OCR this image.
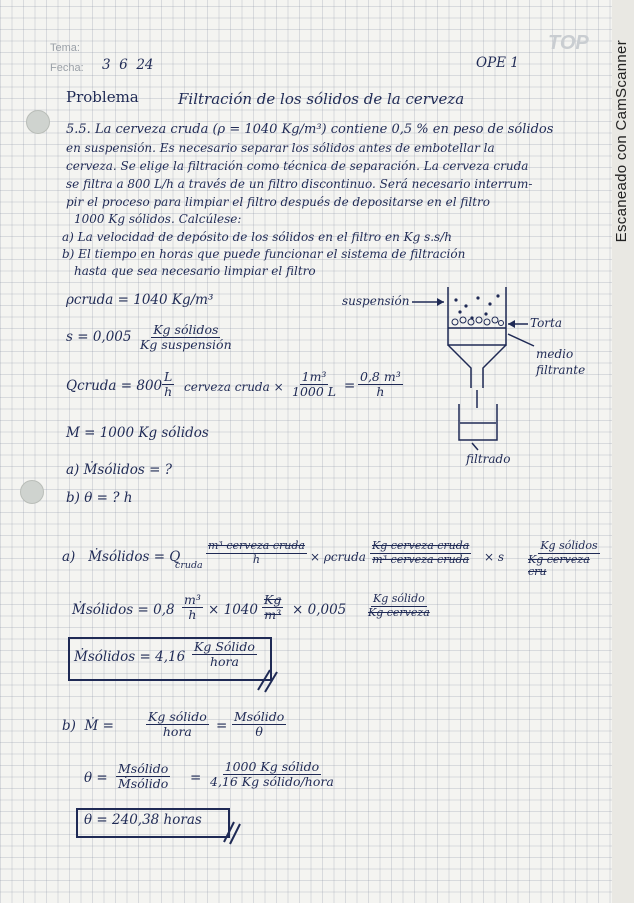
Tema:
Fecha: 3  6  24	OPE 1
TOP
Problema	Filtración de los sólidos de la cerveza
5.5. La cerveza cruda (ρ = 1040 Kg/m³) contiene 0,5 % en peso de sólidos
en suspensión. Es necesario separar los sólidos antes de embotellar la
cerveza. Se elige la filtración como técnica de separación. La cerveza cruda
se filtra a 800 L/h a través de un filtro discontinuo. Será necesario interrum-
pir el proceso para limpiar el filtro después de depositarse en el filtro
1000 Kg sólidos. Calcúlese:
a) La velocidad de depósito de los sólidos en el filtro en Kg s.s/h
b) El tiempo en horas que puede funcionar el sistema de filtración
hasta que sea necesario limpiar el filtro
ρcruda = 1040 Kg/m³
s = 0,005 Kg sólidos
Kg suspensión
Qcruda = $800 \frac{L}{h}$ cerveza cruda × $\frac{\text{1m³}}{1000 L} = \frac{\text{0,8 m³}}{h}$
M = 1000 Kg sólidos
a) Ṁsólidos = ?
b) θ = ? h
suspensión
Torta
medio
filtrante
filtrado
a)   Ṁsólidos = Q
cruda
m³ cerveza cruda
h	× ρcruda
Kg cerveza cruda
m³ cerveza cruda × s
Kg sólidos
Kg cerveza cru
Ṁsólidos = $0,8 \frac{\text{m³}}{h} \times 1040 \frac{Kg}{\text{m³}} \times 0,005$
Kg sólido
Kg cerveza
Ṁsólidos = 4,16
Kg Sólido
hora
b)  Ṁ =
Kg sólido
hora =
Msólido
θ
θ =
Msólido
Ṁsólido =
1000 Kg sólido
4,16 Kg sólido/hora
θ = 240,38 horas
Escaneado con CamScanner
